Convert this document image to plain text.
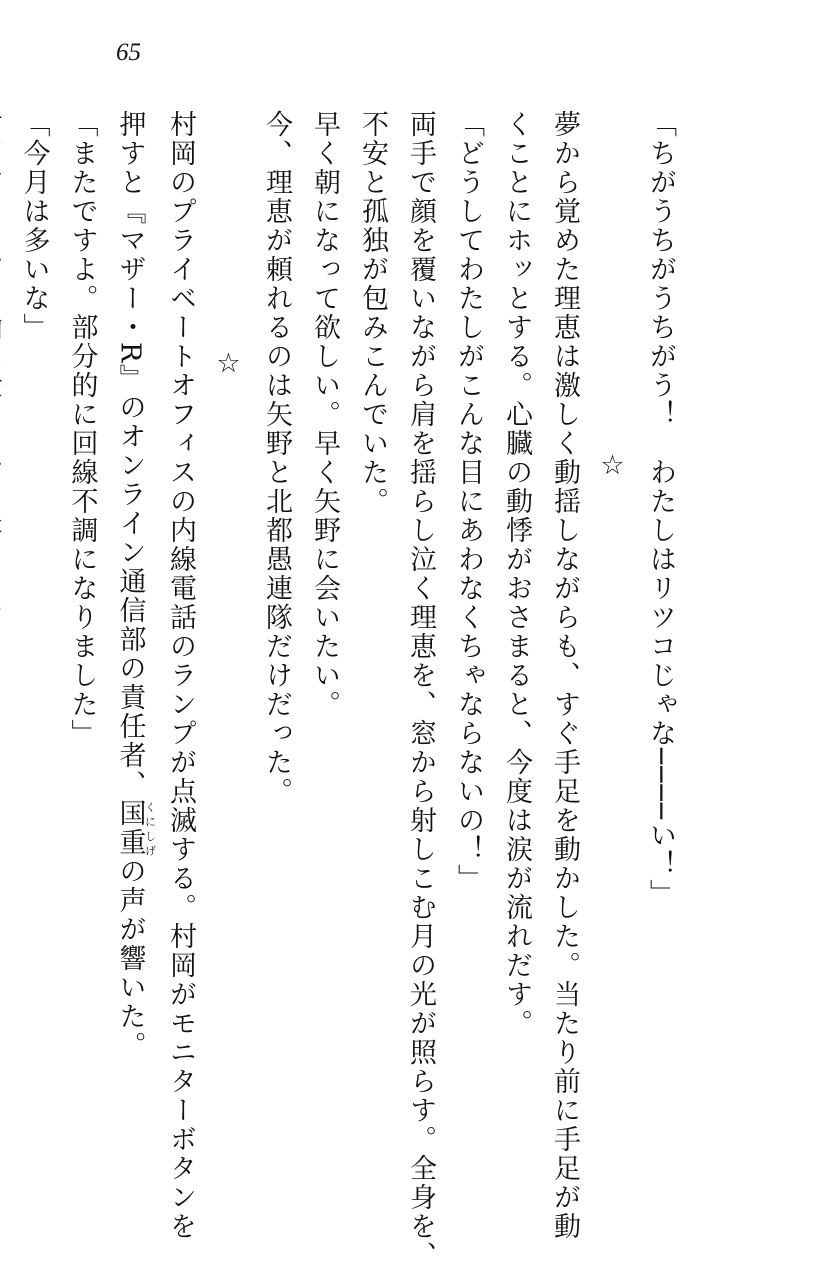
65
「ちがうちがうちがう！　わたしはリツコじゃな────い！」
☆
夢から覚めた理恵は激しく動揺しながらも、すぐ手足を動かした。当たり前に手足が動
くことにホッとする。心臓の動悸がおさまると、今度は涙が流れだす。
「どうしてわたしがこんな目にあわなくちゃならないの！」
両手で顔を覆いながら肩を揺らし泣く理恵を、窓から射しこむ月の光が照らす。全身を、
不安と孤独が包みこんでいた。
早く朝になって欲しい。早く矢野に会いたい。
今、理恵が頼れるのは矢野と北都愚連隊だけだった。
☆
村岡のプライベートオフィスの内線電話のランプが点滅する。村岡がモニターボタンを
押すと『マザー・R』のオンライン通信部の責任者、国重くにしげの声が響いた。
「またですよ。部分的に回線不調になりました」
「今月は多いな」
